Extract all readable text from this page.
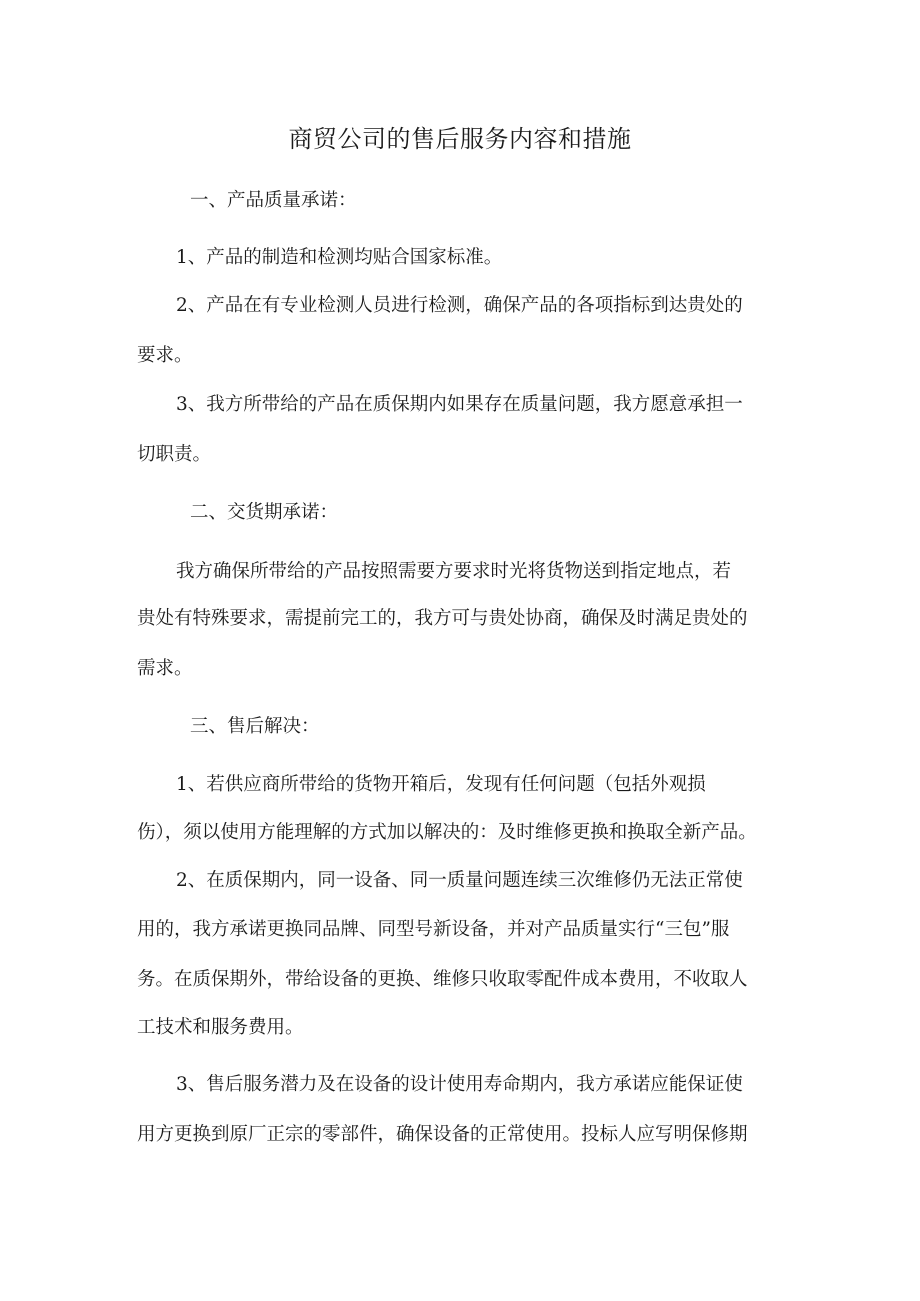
商贸公司的售后服务内容和措施
一、产品质量承诺：
1、产品的制造和检测均贴合国家标准。
2、产品在有专业检测人员进行检测，确保产品的各项指标到达贵处的
要求。
3、我方所带给的产品在质保期内如果存在质量问题，我方愿意承担一
切职责。
二、交货期承诺：
我方确保所带给的产品按照需要方要求时光将货物送到指定地点，若
贵处有特殊要求，需提前完工的，我方可与贵处协商，确保及时满足贵处的
需求。
三、售后解决：
1、若供应商所带给的货物开箱后，发现有任何问题（包括外观损
伤），须以使用方能理解的方式加以解决的：及时维修更换和换取全新产品。
2、在质保期内，同一设备、同一质量问题连续三次维修仍无法正常使
用的，我方承诺更换同品牌、同型号新设备，并对产品质量实行“三包”服
务。在质保期外，带给设备的更换、维修只收取零配件成本费用，不收取人
工技术和服务费用。
3、售后服务潜力及在设备的设计使用寿命期内，我方承诺应能保证使
用方更换到原厂正宗的零部件，确保设备的正常使用。投标人应写明保修期
